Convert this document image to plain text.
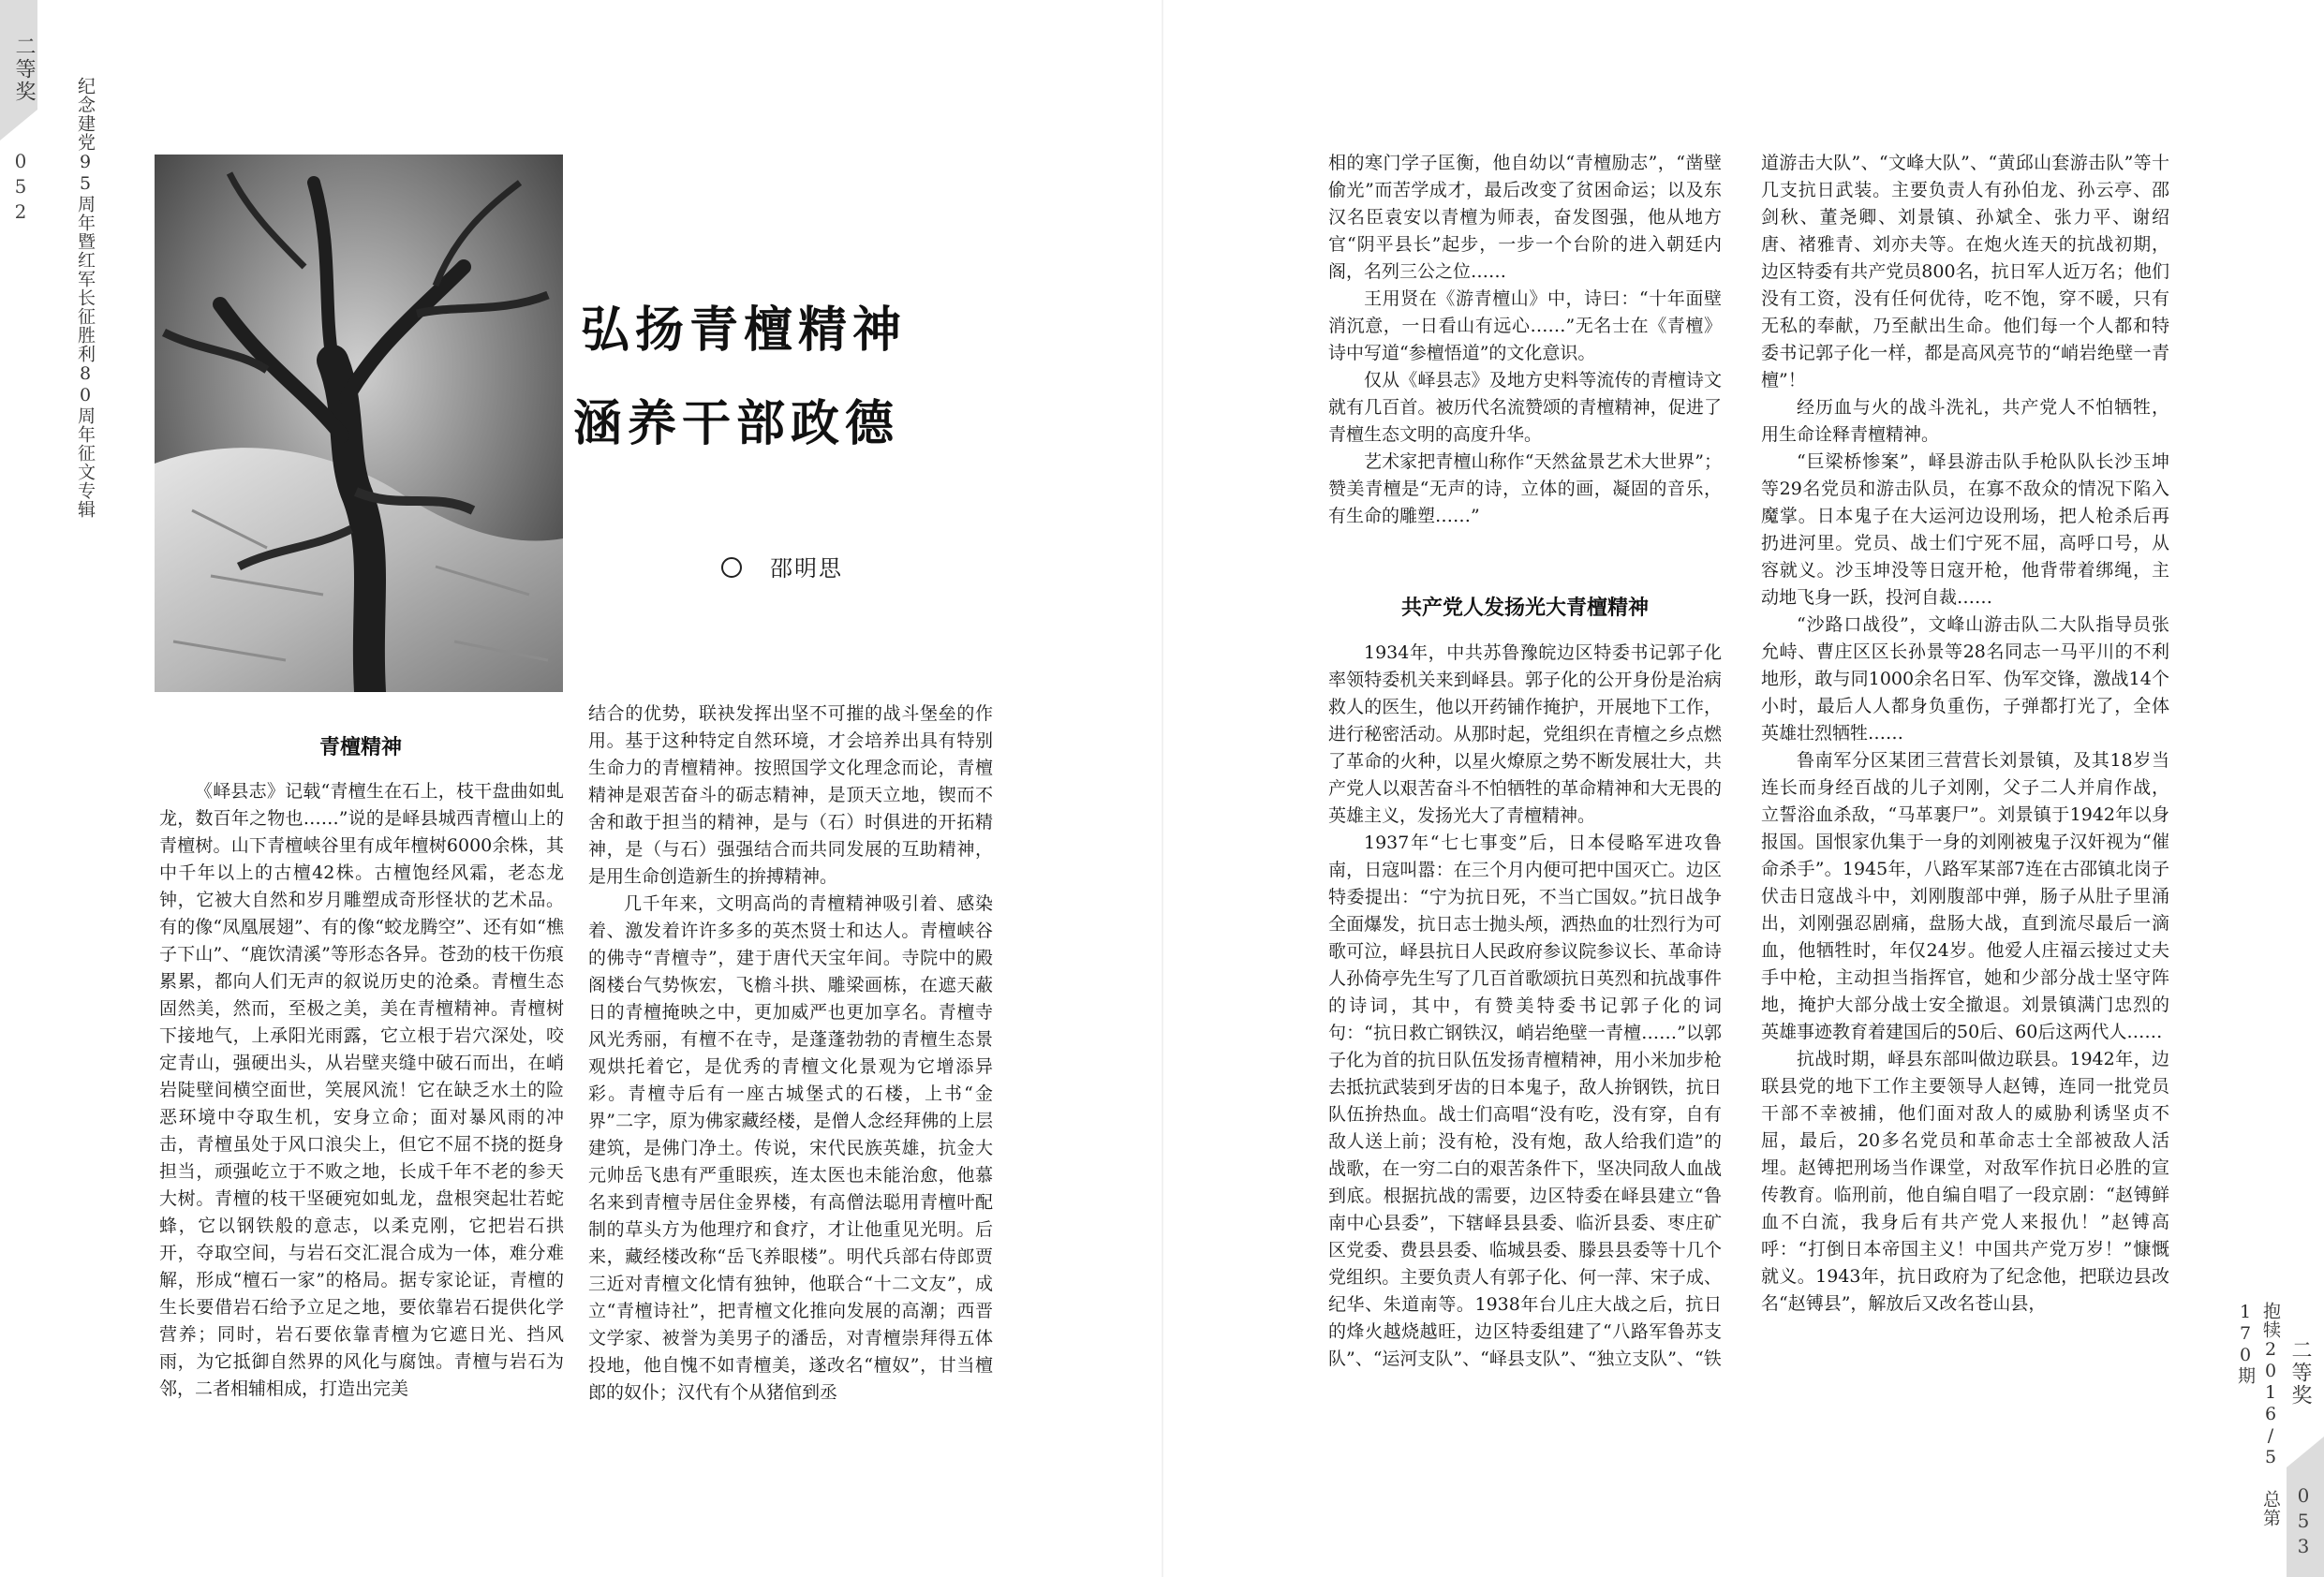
二等奖
052 纪念建党95周年暨红军长征胜利80周年征文专辑	弘扬青檀精神
涵养干部政德
邵明思
青檀精神

《峄县志》记载“青檀生在石上，枝干盘曲如虬龙，数百年之物也……”说的是峄县城西青檀山上的青檀树。山下青檀峡谷里有成年檀树6000余株，其中千年以上的古檀42株。古檀饱经风霜，老态龙钟，它被大自然和岁月雕塑成奇形怪状的艺术品。有的像“凤凰展翅”、有的像“蛟龙腾空”、还有如“樵子下山”、“鹿饮清溪”等形态各异。苍劲的枝干伤痕累累，都向人们无声的叙说历史的沧桑。青檀生态固然美，然而，至极之美，美在青檀精神。青檀树下接地气，上承阳光雨露，它立根于岩穴深处，咬定青山，强硬出头，从岩壁夹缝中破石而出，在峭岩陡壁间横空面世，笑展风流！它在缺乏水土的险恶环境中夺取生机，安身立命；面对暴风雨的冲击，青檀虽处于风口浪尖上，但它不屈不挠的挺身担当，顽强屹立于不败之地，长成千年不老的参天大树。青檀的枝干坚硬宛如虬龙，盘根突起壮若蛇蜂，它以钢铁般的意志，以柔克刚，它把岩石拱开，夺取空间，与岩石交汇混合成为一体，难分难解，形成“檀石一家”的格局。据专家论证，青檀的生长要借岩石给予立足之地，要依靠岩石提供化学营养；同时，岩石要依靠青檀为它遮日光、挡风雨，为它抵御自然界的风化与腐蚀。青檀与岩石为邻，二者相辅相成，打造出完美

结合的优势，联袂发挥出坚不可摧的战斗堡垒的作用。基于这种特定自然环境，才会培养出具有特别生命力的青檀精神。按照国学文化理念而论，青檀精神是艰苦奋斗的砺志精神，是顶天立地，锲而不舍和敢于担当的精神，是与（石）时俱进的开拓精神，是（与石）强强结合而共同发展的互助精神，是用生命创造新生的拚搏精神。

几千年来，文明高尚的青檀精神吸引着、感染着、激发着许许多多的英杰贤士和达人。青檀峡谷的佛寺“青檀寺”，建于唐代天宝年间。寺院中的殿阁楼台气势恢宏，飞檐斗拱、雕梁画栋，在遮天蔽日的青檀掩映之中，更加威严也更加享名。青檀寺风光秀丽，有檀不在寺，是蓬蓬勃勃的青檀生态景观烘托着它，是优秀的青檀文化景观为它增添异彩。青檀寺后有一座古城堡式的石楼，上书“金界”二字，原为佛家藏经楼，是僧人念经拜佛的上层建筑，是佛门净土。传说，宋代民族英雄，抗金大元帅岳飞患有严重眼疾，连太医也未能治愈，他慕名来到青檀寺居住金界楼，有高僧法聪用青檀叶配制的草头方为他理疗和食疗，才让他重见光明。后来，藏经楼改称“岳飞养眼楼”。明代兵部右侍郎贾三近对青檀文化情有独钟，他联合“十二文友”，成立“青檀诗社”，把青檀文化推向发展的高潮；西晋文学家、被誉为美男子的潘岳，对青檀崇拜得五体投地，他自愧不如青檀美，遂改名“檀奴”，甘当檀郎的奴仆；汉代有个从猪倌到丞

相的寒门学子匡衡，他自幼以“青檀励志”，“凿壁偷光”而苦学成才，最后改变了贫困命运；以及东汉名臣袁安以青檀为师表，奋发图强，他从地方官“阴平县长”起步，一步一个台阶的进入朝廷内阁，名列三公之位……

王用贤在《游青檀山》中，诗曰：“十年面壁消沉意，一日看山有远心……”无名士在《青檀》诗中写道“参檀悟道”的文化意识。

仅从《峄县志》及地方史料等流传的青檀诗文就有几百首。被历代名流赞颂的青檀精神，促进了青檀生态文明的高度升华。

艺术家把青檀山称作“天然盆景艺术大世界”；赞美青檀是“无声的诗，立体的画，凝固的音乐，有生命的雕塑……”

共产党人发扬光大青檀精神

1934年，中共苏鲁豫皖边区特委书记郭子化率领特委机关来到峄县。郭子化的公开身份是治病救人的医生，他以开药铺作掩护，开展地下工作，进行秘密活动。从那时起，党组织在青檀之乡点燃了革命的火种，以星火燎原之势不断发展壮大，共产党人以艰苦奋斗不怕牺牲的革命精神和大无畏的英雄主义，发扬光大了青檀精神。

1937年“七七事变”后，日本侵略军进攻鲁南，日寇叫嚣：在三个月内便可把中国灭亡。边区特委提出：“宁为抗日死，不当亡国奴。”抗日战争全面爆发，抗日志士抛头颅，洒热血的壮烈行为可歌可泣，峄县抗日人民政府参议院参议长、革命诗人孙倚亭先生写了几百首歌颂抗日英烈和抗战事件的诗词，其中，有赞美特委书记郭子化的词句：“抗日救亡钢铁汉，峭岩绝壁一青檀……”以郭子化为首的抗日队伍发扬青檀精神，用小米加步枪去抵抗武装到牙齿的日本鬼子，敌人拚钢铁，抗日队伍拚热血。战士们高唱“没有吃，没有穿，自有敌人送上前；没有枪，没有炮，敌人给我们造”的战歌，在一穷二白的艰苦条件下，坚决同敌人血战到底。根据抗战的需要，边区特委在峄县建立“鲁南中心县委”，下辖峄县县委、临沂县委、枣庄矿区党委、费县县委、临城县委、滕县县委等十几个党组织。主要负责人有郭子化、何一萍、宋子成、纪华、朱道南等。1938年台儿庄大战之后，抗日的烽火越烧越旺，边区特委组建了“八路军鲁苏支队”、“运河支队”、“峄县支队”、“独立支队”、“铁

道游击大队”、“文峰大队”、“黄邱山套游击队”等十几支抗日武装。主要负责人有孙伯龙、孙云亭、邵剑秋、董尧卿、刘景镇、孙斌全、张力平、谢绍唐、褚雅青、刘亦夫等。在炮火连天的抗战初期，边区特委有共产党员800名，抗日军人近万名；他们没有工资，没有任何优待，吃不饱，穿不暖，只有无私的奉献，乃至献出生命。他们每一个人都和特委书记郭子化一样，都是高风亮节的“峭岩绝壁一青檀”！

经历血与火的战斗洗礼，共产党人不怕牺牲，用生命诠释青檀精神。

“巨梁桥惨案”，峄县游击队手枪队队长沙玉坤等29名党员和游击队员，在寡不敌众的情况下陷入魔掌。日本鬼子在大运河边设刑场，把人枪杀后再扔进河里。党员、战士们宁死不屈，高呼口号，从容就义。沙玉坤没等日寇开枪，他背带着绑绳，主动地飞身一跃，投河自裁……

“沙路口战役”，文峰山游击队二大队指导员张允峙、曹庄区区长孙景等28名同志一马平川的不利地形，敢与同1000余名日军、伪军交锋，激战14个小时，最后人人都身负重伤，子弹都打光了，全体英雄壮烈牺牲……

鲁南军分区某团三营营长刘景镇，及其18岁当连长而身经百战的儿子刘刚，父子二人并肩作战，立誓浴血杀敌，“马革裹尸”。刘景镇于1942年以身报国。国恨家仇集于一身的刘刚被鬼子汉奸视为“催命杀手”。1945年，八路军某部7连在古邵镇北岗子伏击日寇战斗中，刘刚腹部中弹，肠子从肚子里涌出，刘刚强忍剧痛，盘肠大战，直到流尽最后一滴血，他牺牲时，年仅24岁。他爱人庄福云接过丈夫手中枪，主动担当指挥官，她和少部分战士坚守阵地，掩护大部分战士安全撤退。刘景镇满门忠烈的英雄事迹教育着建国后的50后、60后这两代人……

抗战时期，峄县东部叫做边联县。1942年，边联县党的地下工作主要领导人赵镈，连同一批党员干部不幸被捕，他们面对敌人的威胁利诱坚贞不屈，最后，20多名党员和革命志士全部被敌人活埋。赵镈把刑场当作课堂，对敌军作抗日必胜的宣传教育。临刑前，他自编自唱了一段京剧：“赵镈鲜血不白流，我身后有共产党人来报仇！”赵镈高呼：“打倒日本帝国主义！中国共产党万岁！”慷慨就义。1943年，抗日政府为了纪念他，把联边县改名“赵镈县”，解放后又改名苍山县，	抱犊2016/5 总第170期	二等奖
053
